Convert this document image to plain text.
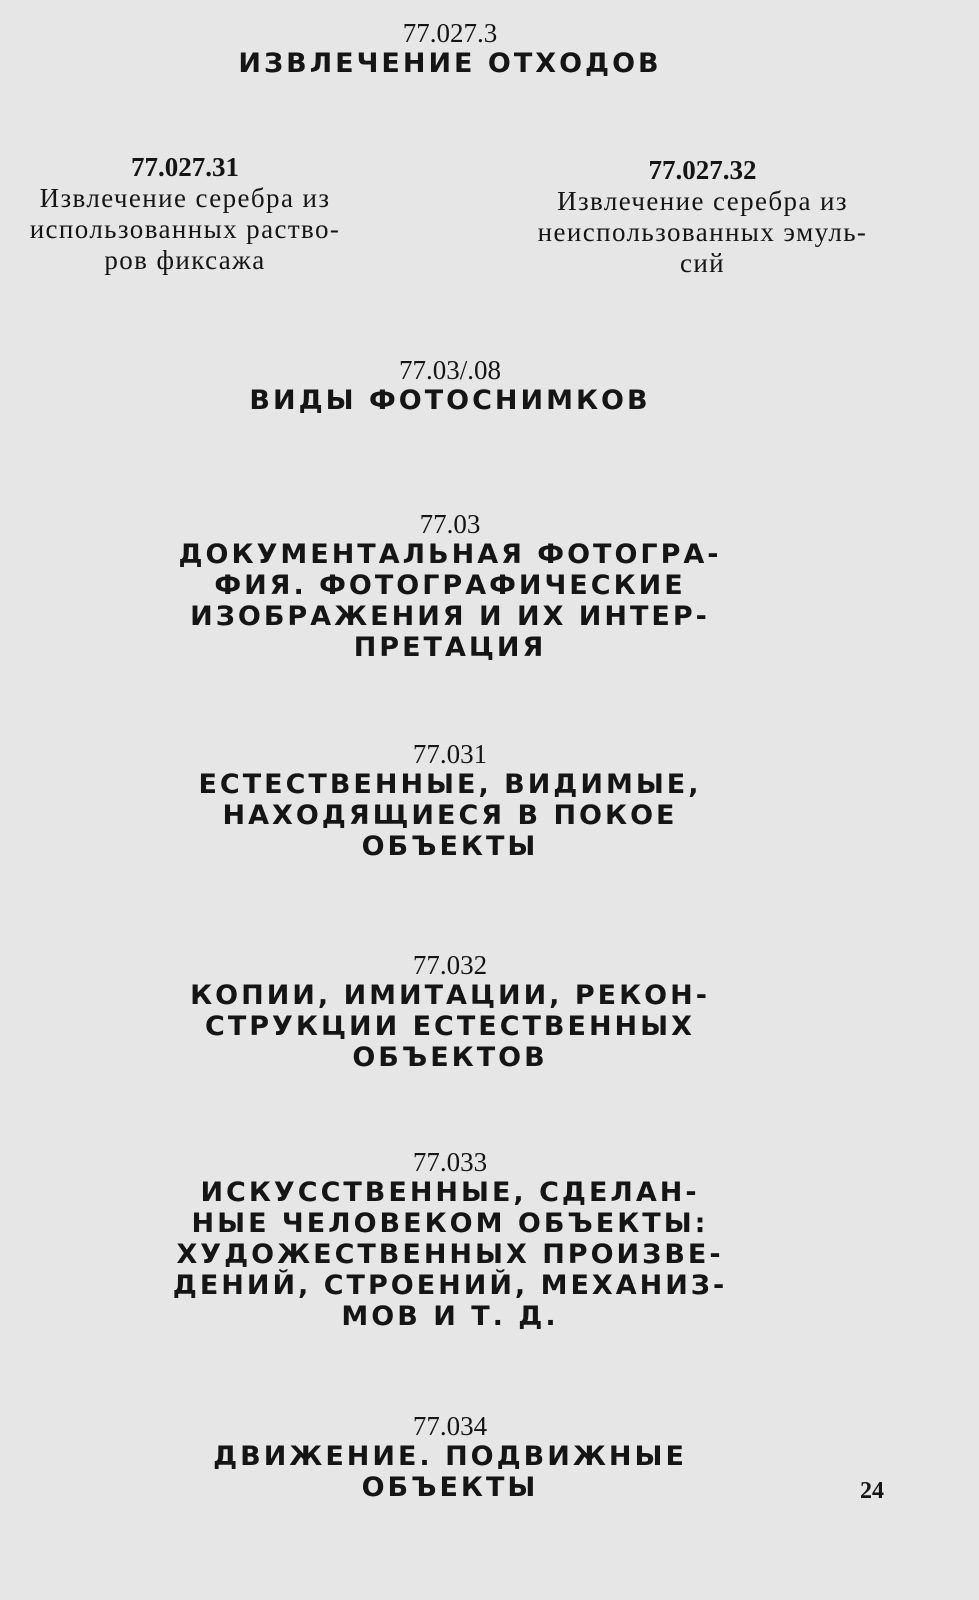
77.027.3
ИЗВЛЕЧЕНИЕ ОТХОДОВ
77.027.31
Извлечение серебра из
использованных раство-
ров фиксажа
77.027.32
Извлечение серебра из
неиспользованных эмуль-
сий
77.03/.08
ВИДЫ ФОТОСНИМКОВ
77.03
ДОКУМЕНТАЛЬНАЯ ФОТОГРА-
ФИЯ. ФОТОГРАФИЧЕСКИЕ
ИЗОБРАЖЕНИЯ И ИХ ИНТЕР-
ПРЕТАЦИЯ
77.031
ЕСТЕСТВЕННЫЕ, ВИДИМЫЕ,
НАХОДЯЩИЕСЯ В ПОКОЕ
ОБЪЕКТЫ
77.032
КОПИИ, ИМИТАЦИИ, РЕКОН-
СТРУКЦИИ ЕСТЕСТВЕННЫХ
ОБЪЕКТОВ
77.033
ИСКУССТВЕННЫЕ, СДЕЛАН-
НЫЕ ЧЕЛОВЕКОМ ОБЪЕКТЫ:
ХУДОЖЕСТВЕННЫХ ПРОИЗВЕ-
ДЕНИЙ, СТРОЕНИЙ, МЕХАНИЗ-
МОВ И Т. Д.
77.034
ДВИЖЕНИЕ. ПОДВИЖНЫЕ
ОБЪЕКТЫ	24
